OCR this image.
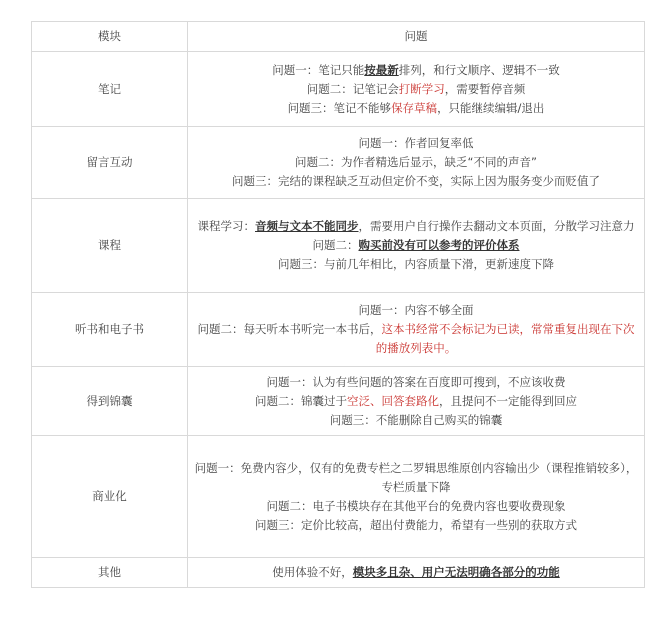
模块	问题
笔记	问题一：笔记只能按最新排列，和行文顺序、逻辑不一致
问题二：记笔记会打断学习，需要暂停音频
问题三：笔记不能够保存草稿，只能继续编辑/退出

留言互动	问题一：作者回复率低
问题二：为作者精选后显示，缺乏“不同的声音”
问题三：完结的课程缺乏互动但定价不变，实际上因为服务变少而贬值了

课程	课程学习：音频与文本不能同步，需要用户自行操作去翻动文本页面，分散学习注意力
问题二：购买前没有可以参考的评价体系
问题三：与前几年相比，内容质量下滑，更新速度下降

听书和电子书	问题一：内容不够全面
问题二：每天听本书听完一本书后，这本书经常不会标记为已读，常常重复出现在下次的播放列表中。

得到锦囊	问题一：认为有些问题的答案在百度即可搜到，不应该收费
问题二：锦囊过于空泛、回答套路化，且提问不一定能得到回应
问题三：不能删除自己购买的锦囊

商业化	问题一：免费内容少，仅有的免费专栏之二罗辑思维原创内容输出少（课程推销较多），专栏质量下降
问题二：电子书模块存在其他平台的免费内容也要收费现象
问题三：定价比较高，超出付费能力，希望有一些别的获取方式

其他	使用体验不好，模块多且杂、用户无法明确各部分的功能
